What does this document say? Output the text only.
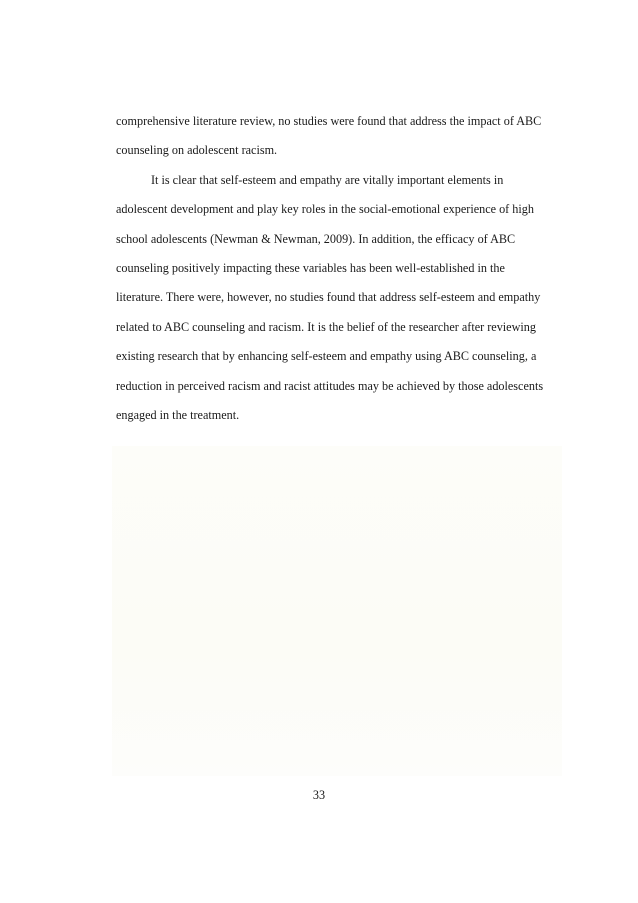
comprehensive literature review, no studies were found that address the impact of ABC
counseling on adolescent racism.
It is clear that self-esteem and empathy are vitally important elements in
adolescent development and play key roles in the social-emotional experience of high
school adolescents (Newman & Newman, 2009). In addition, the efficacy of ABC
counseling positively impacting these variables has been well-established in the
literature. There were, however, no studies found that address self-esteem and empathy
related to ABC counseling and racism. It is the belief of the researcher after reviewing
existing research that by enhancing self-esteem and empathy using ABC counseling, a
reduction in perceived racism and racist attitudes may be achieved by those adolescents
engaged in the treatment.
33
